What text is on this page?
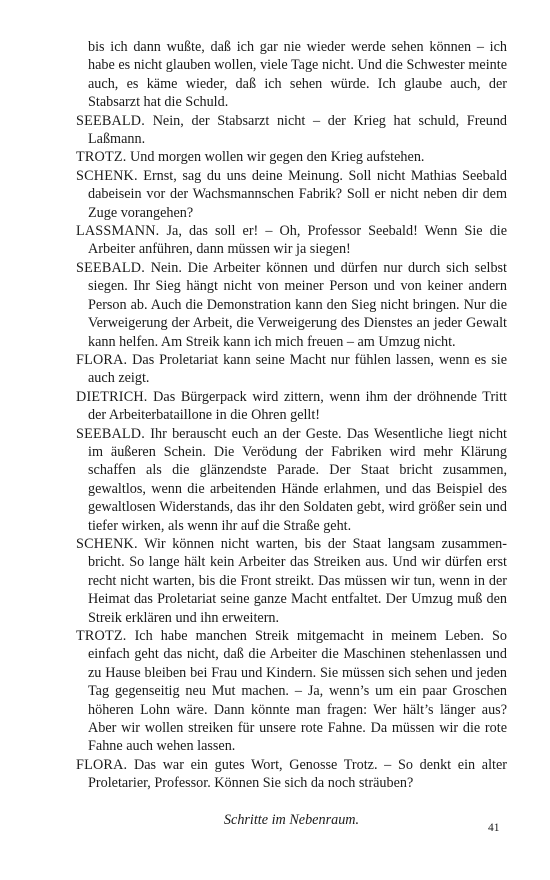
bis ich dann wußte, daß ich gar nie wieder werde sehen können – ich habe es nicht glauben wollen, viele Tage nicht. Und die Schwester meinte auch, es käme wieder, daß ich sehen würde. Ich glaube auch, der Stabsarzt hat die Schuld.

SEEBALD. Nein, der Stabsarzt nicht – der Krieg hat schuld, Freund Laßmann.

TROTZ. Und morgen wollen wir gegen den Krieg aufstehen.

SCHENK. Ernst, sag du uns deine Meinung. Soll nicht Mathias Seebald dabeisein vor der Wachsmannschen Fabrik? Soll er nicht neben dir dem Zuge vorangehen?

LASSMANN. Ja, das soll er! – Oh, Professor Seebald! Wenn Sie die Arbeiter anführen, dann müssen wir ja siegen!

SEEBALD. Nein. Die Arbeiter können und dürfen nur durch sich selbst siegen. Ihr Sieg hängt nicht von meiner Person und von keiner andern Person ab. Auch die Demonstration kann den Sieg nicht bringen. Nur die Verweigerung der Arbeit, die Verweigerung des Dienstes an jeder Gewalt kann helfen. Am Streik kann ich mich freuen – am Umzug nicht.

FLORA. Das Proletariat kann seine Macht nur fühlen lassen, wenn es sie auch zeigt.

DIETRICH. Das Bürgerpack wird zittern, wenn ihm der dröhnende Tritt der Arbeiterbataillone in die Ohren gellt!

SEEBALD. Ihr berauscht euch an der Geste. Das Wesentliche liegt nicht im äußeren Schein. Die Verödung der Fabriken wird mehr Klärung schaffen als die glänzendste Parade. Der Staat bricht zusammen, gewaltlos, wenn die arbeitenden Hände erlahmen, und das Beispiel des gewaltlosen Widerstands, das ihr den Soldaten gebt, wird größer sein und tiefer wirken, als wenn ihr auf die Straße geht.

SCHENK. Wir können nicht warten, bis der Staat langsam zusammenbricht. So lange hält kein Arbeiter das Streiken aus. Und wir dürfen erst recht nicht warten, bis die Front streikt. Das müssen wir tun, wenn in der Heimat das Proletariat seine ganze Macht entfaltet. Der Umzug muß den Streik erklären und ihn erweitern.

TROTZ. Ich habe manchen Streik mitgemacht in meinem Leben. So einfach geht das nicht, daß die Arbeiter die Maschinen stehenlassen und zu Hause bleiben bei Frau und Kindern. Sie müssen sich sehen und jeden Tag gegenseitig neu Mut machen. – Ja, wenn’s um ein paar Groschen höheren Lohn wäre. Dann könnte man fragen: Wer hält’s länger aus? Aber wir wollen streiken für unsere rote Fahne. Da müssen wir die rote Fahne auch wehen lassen.

FLORA. Das war ein gutes Wort, Genosse Trotz. – So denkt ein alter Proletarier, Professor. Können Sie sich da noch sträuben?

Schritte im Nebenraum.

41
